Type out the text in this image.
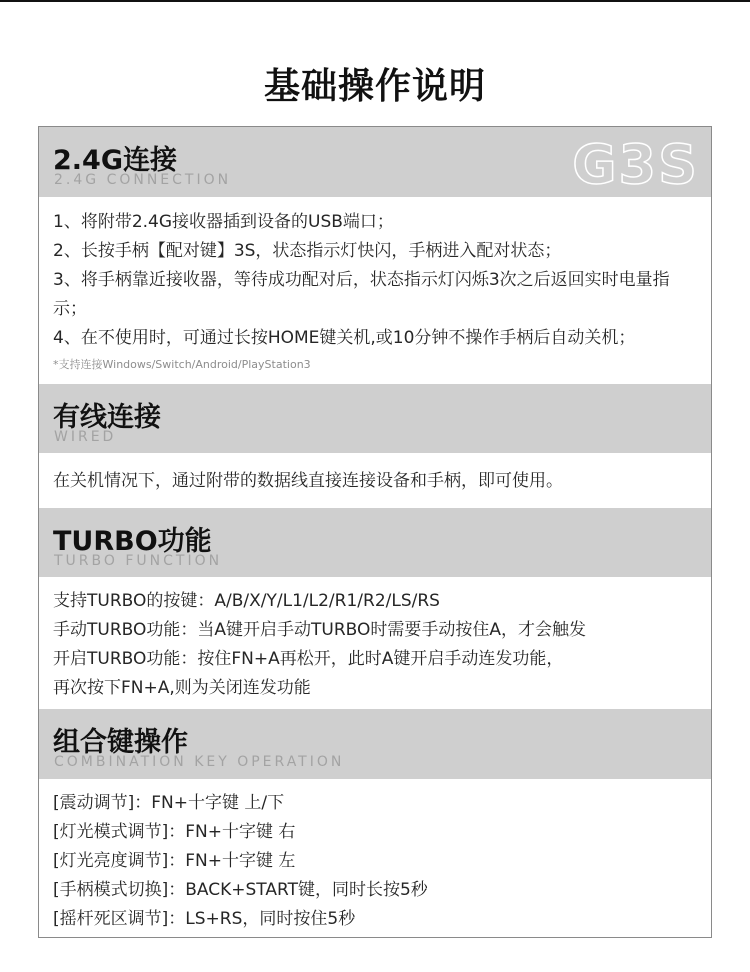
基础操作说明
2.4G连接
2.4G CONNECTION	G3S
1、将附带2.4G接收器插到设备的USB端口；
2、长按手柄【配对键】3S，状态指示灯快闪，手柄进入配对状态；
3、将手柄靠近接收器，等待成功配对后，状态指示灯闪烁3次之后返回实时电量指示；
4、在不使用时，可通过长按HOME键关机,或10分钟不操作手柄后自动关机；
*支持连接Windows/Switch/Android/PlayStation3
有线连接
WIRED
在关机情况下，通过附带的数据线直接连接设备和手柄，即可使用。
TURBO功能
TURBO FUNCTION
支持TURBO的按键：A/B/X/Y/L1/L2/R1/R2/LS/RS
手动TURBO功能：当A键开启手动TURBO时需要手动按住A，才会触发
开启TURBO功能：按住FN+A再松开，此时A键开启手动连发功能，
再次按下FN+A,则为关闭连发功能
组合键操作
COMBINATION KEY OPERATION
[震动调节]：FN+十字键 上/下
[灯光模式调节]：FN+十字键 右
[灯光亮度调节]：FN+十字键 左
[手柄模式切换]：BACK+START键，同时长按5秒
[摇杆死区调节]：LS+RS，同时按住5秒
